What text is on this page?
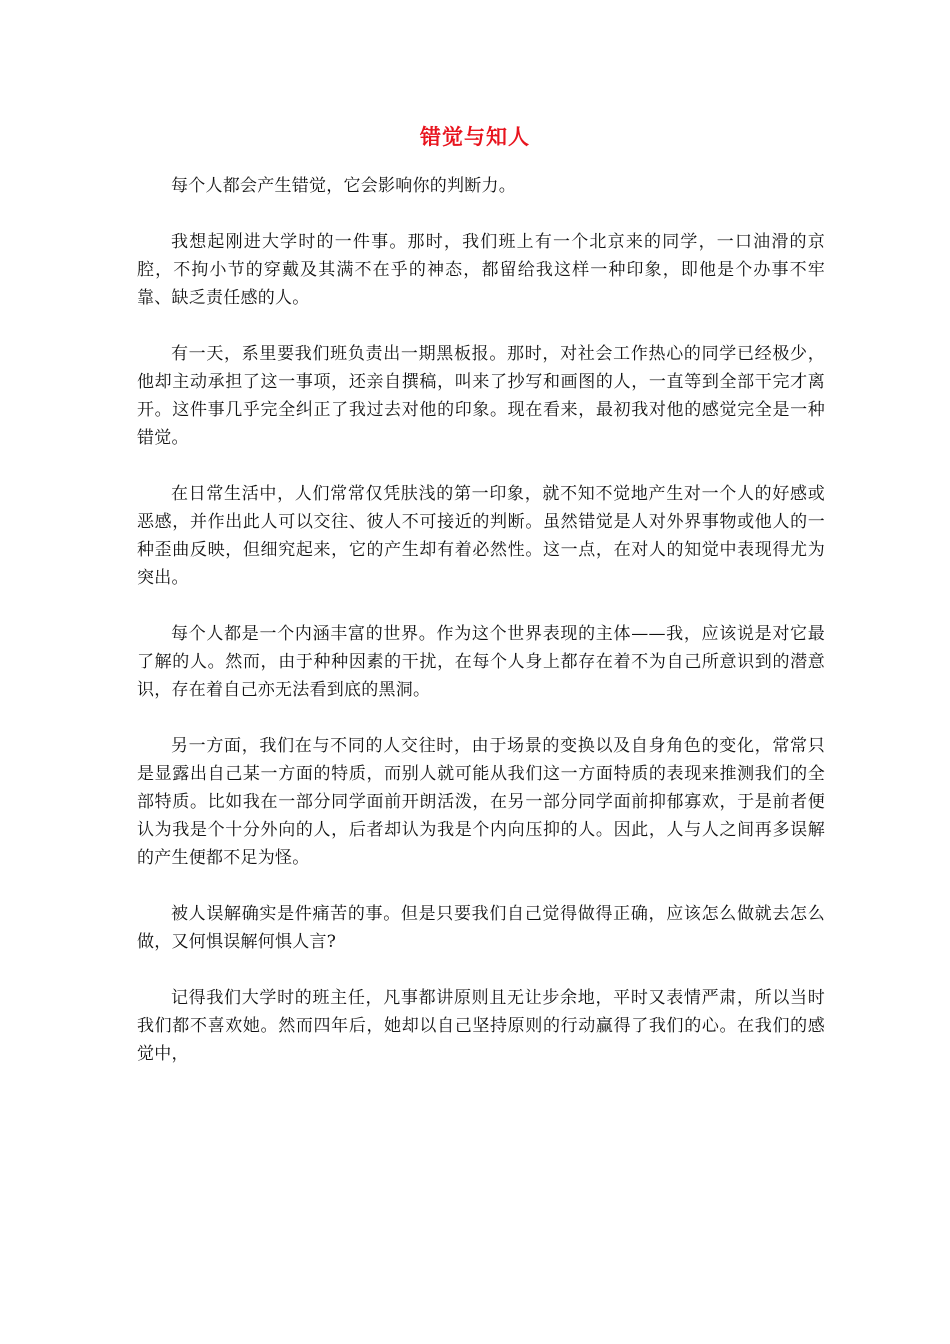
错觉与知人

每个人都会产生错觉，它会影响你的判断力。

我想起刚进大学时的一件事。那时，我们班上有一个北京来的同学，一口油滑的京腔，不拘小节的穿戴及其满不在乎的神态，都留给我这样一种印象，即他是个办事不牢靠、缺乏责任感的人。

有一天，系里要我们班负责出一期黑板报。那时，对社会工作热心的同学已经极少，他却主动承担了这一事项，还亲自撰稿，叫来了抄写和画图的人，一直等到全部干完才离开。这件事几乎完全纠正了我过去对他的印象。现在看来，最初我对他的感觉完全是一种错觉。

在日常生活中，人们常常仅凭肤浅的第一印象，就不知不觉地产生对一个人的好感或恶感，并作出此人可以交往、彼人不可接近的判断。虽然错觉是人对外界事物或他人的一种歪曲反映，但细究起来，它的产生却有着必然性。这一点，在对人的知觉中表现得尤为突出。

每个人都是一个内涵丰富的世界。作为这个世界表现的主体——我，应该说是对它最了解的人。然而，由于种种因素的干扰，在每个人身上都存在着不为自己所意识到的潜意识，存在着自己亦无法看到底的黑洞。

另一方面，我们在与不同的人交往时，由于场景的变换以及自身角色的变化，常常只是显露出自己某一方面的特质，而别人就可能从我们这一方面特质的表现来推测我们的全部特质。比如我在一部分同学面前开朗活泼，在另一部分同学面前抑郁寡欢，于是前者便认为我是个十分外向的人，后者却认为我是个内向压抑的人。因此，人与人之间再多误解的产生便都不足为怪。

被人误解确实是件痛苦的事。但是只要我们自己觉得做得正确，应该怎么做就去怎么做，又何惧误解何惧人言?

记得我们大学时的班主任，凡事都讲原则且无让步余地，平时又表情严肃，所以当时我们都不喜欢她。然而四年后，她却以自己坚持原则的行动赢得了我们的心。在我们的感觉中，
